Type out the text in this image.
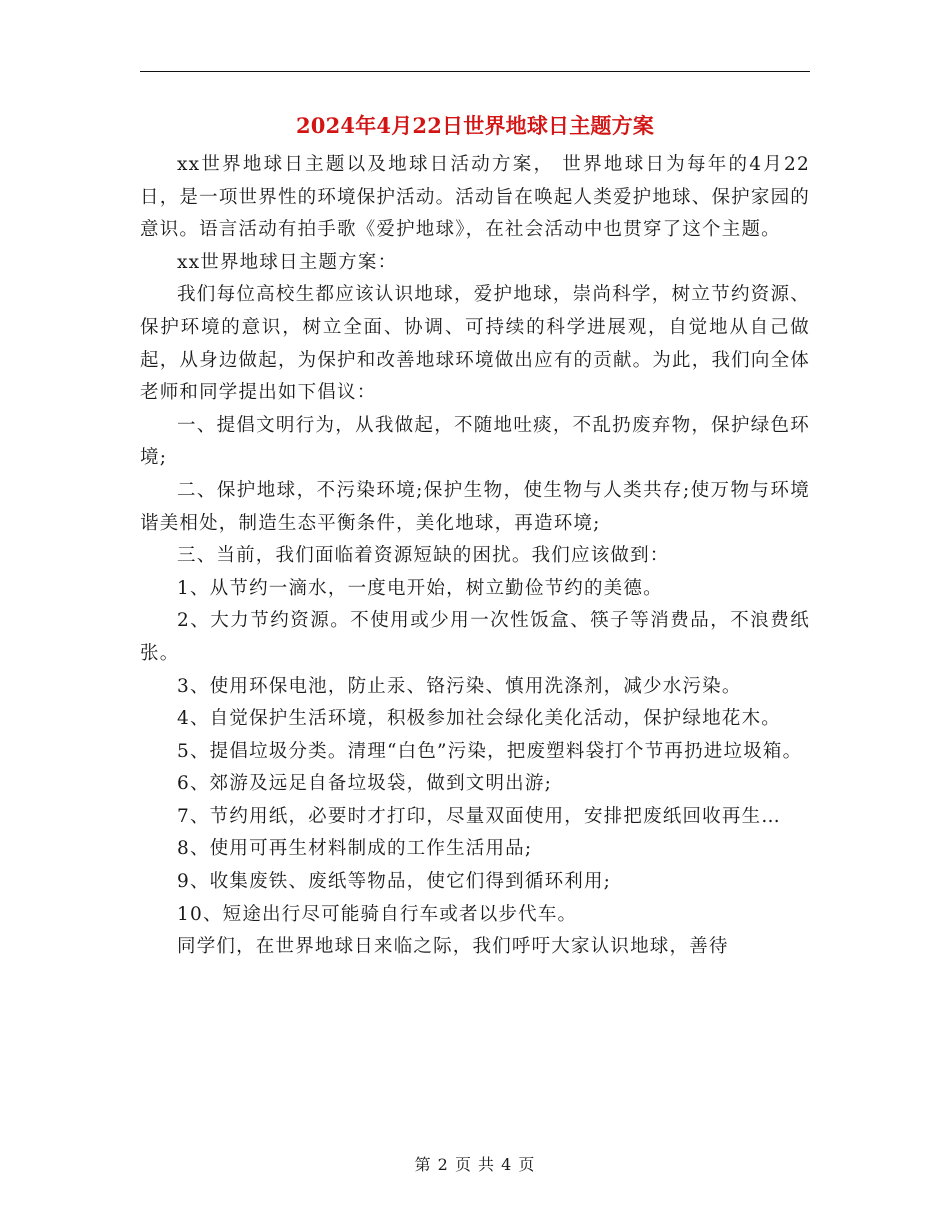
2024年4月22日世界地球日主题方案

xx世界地球日主题以及地球日活动方案， 世界地球日为每年的4月22日，是一项世界性的环境保护活动。活动旨在唤起人类爱护地球、保护家园的意识。语言活动有拍手歌《爱护地球》，在社会活动中也贯穿了这个主题。

xx世界地球日主题方案：

我们每位高校生都应该认识地球，爱护地球，崇尚科学，树立节约资源、保护环境的意识，树立全面、协调、可持续的科学进展观，自觉地从自己做起，从身边做起，为保护和改善地球环境做出应有的贡献。为此，我们向全体老师和同学提出如下倡议：

一、提倡文明行为，从我做起，不随地吐痰，不乱扔废弃物，保护绿色环境;

二、保护地球，不污染环境;保护生物，使生物与人类共存;使万物与环境谐美相处，制造生态平衡条件，美化地球，再造环境;

三、当前，我们面临着资源短缺的困扰。我们应该做到：

1、从节约一滴水，一度电开始，树立勤俭节约的美德。

2、大力节约资源。不使用或少用一次性饭盒、筷子等消费品，不浪费纸张。

3、使用环保电池，防止汞、铬污染、慎用洗涤剂，减少水污染。

4、自觉保护生活环境，积极参加社会绿化美化活动，保护绿地花木。

5、提倡垃圾分类。清理“白色”污染，把废塑料袋打个节再扔进垃圾箱。

6、郊游及远足自备垃圾袋，做到文明出游;

7、节约用纸，必要时才打印，尽量双面使用，安排把废纸回收再生…

8、使用可再生材料制成的工作生活用品;

9、收集废铁、废纸等物品，使它们得到循环利用;

10、短途出行尽可能骑自行车或者以步代车。

同学们，在世界地球日来临之际，我们呼吁大家认识地球，善待

第 2 页 共 4 页
